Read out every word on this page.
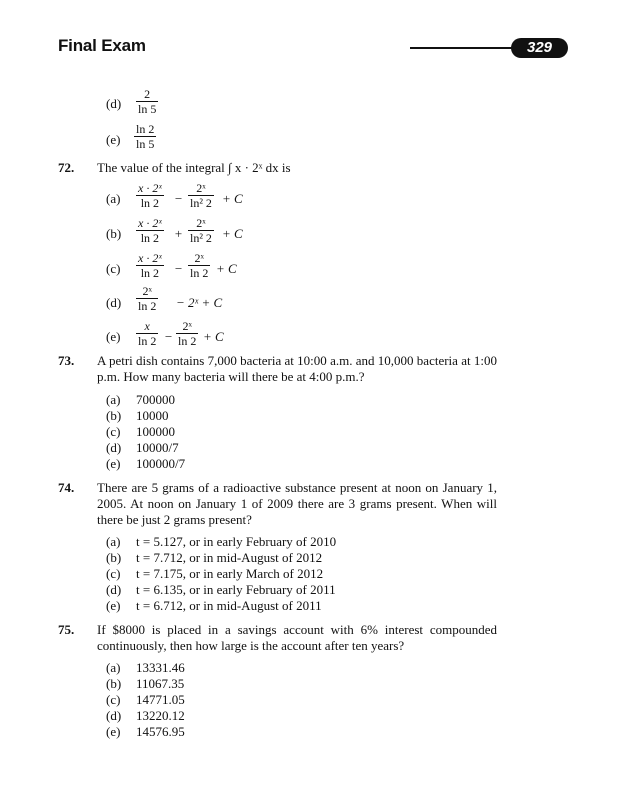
Final Exam	329
$(d) \frac{2}{\ln 5}$
$(e) \frac{\ln 2}{\ln 5}$
72. The value of the integral ∫ x · 2ˣ dx is
$(a) \frac{\text{x · 2ˣ}}{\ln 2} - \frac{\text{2ˣ}}{\text{ln² 2}} + C$
$(b) \frac{\text{x · 2ˣ}}{\ln 2} + \frac{\text{2ˣ}}{\text{ln² 2}} + C$
$(c) \frac{\text{x · 2ˣ}}{\ln 2} - \frac{\text{2ˣ}}{\ln 2} + C$
$(d) \frac{\text{2ˣ}}{\ln 2}$ − 2ˣ + C
$(e) \frac{x}{\ln 2} - \frac{\text{2ˣ}}{\ln 2} + C$
73. A petri dish contains 7,000 bacteria at 10:00 a.m. and 10,000 bacteria at 1:00 p.m. How many bacteria will there be at 4:00 p.m.?
(a) 700000
(b) 10000
(c) 100000
(d) 10000/7
(e) 100000/7
74. There are 5 grams of a radioactive substance present at noon on January 1, 2005. At noon on January 1 of 2009 there are 3 grams present. When will there be just 2 grams present?
(a) t = 5.127, or in early February of 2010
(b) t = 7.712, or in mid-August of 2012
(c) t = 7.175, or in early March of 2012
(d) t = 6.135, or in early February of 2011
(e) t = 6.712, or in mid-August of 2011
75. If $8000 is placed in a savings account with 6% interest compounded continuously, then how large is the account after ten years?
(a) 13331.46
(b) 11067.35
(c) 14771.05
(d) 13220.12
(e) 14576.95
